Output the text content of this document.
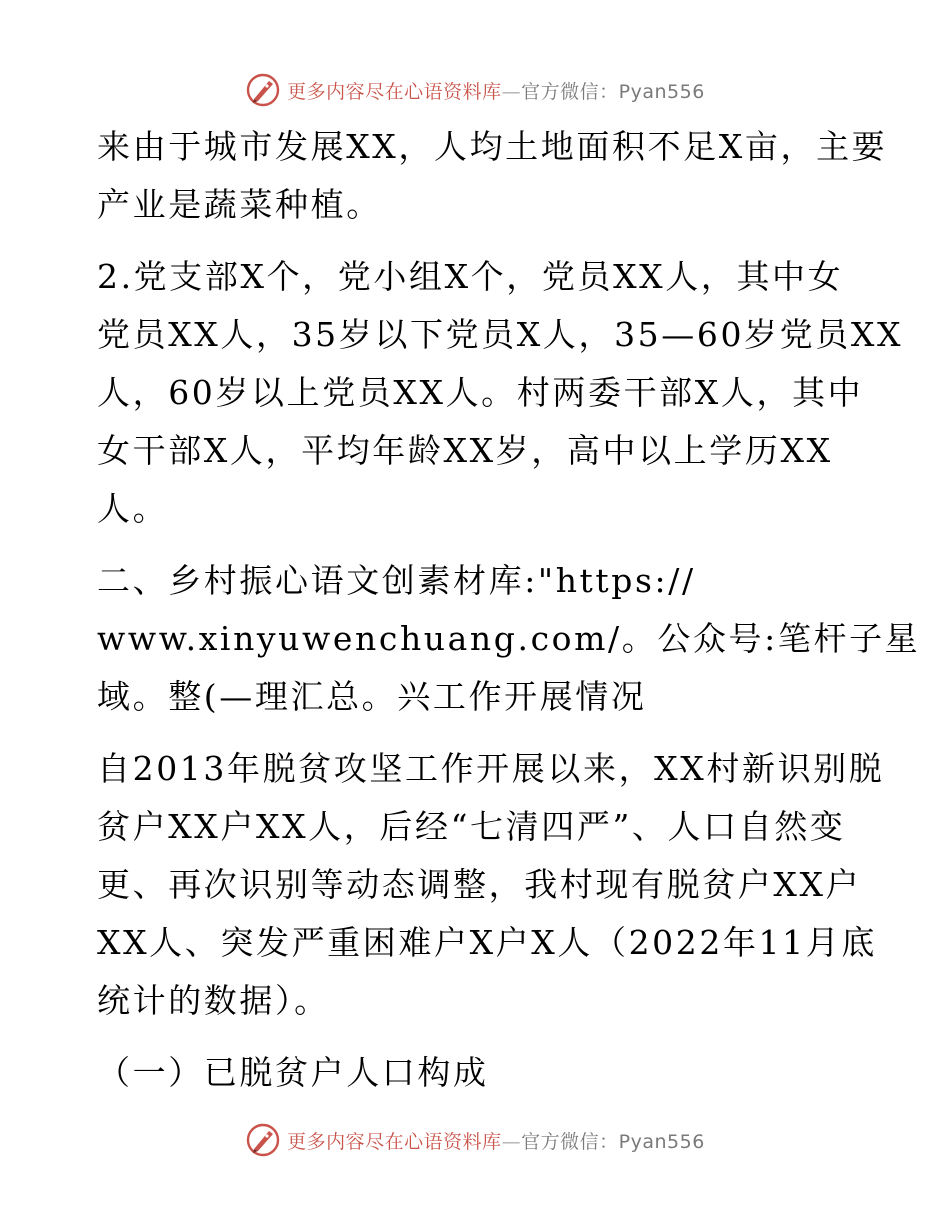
更多内容尽在心语资料库—官方微信：Pyan556
来由于城市发展XX，人均土地面积不足X亩，主要
产业是蔬菜种植。
2.党支部X个，党小组X个，党员XX人，其中女
党员XX人，35岁以下党员X人，35—60岁党员XX
人，60岁以上党员XX人。村两委干部X人，其中
女干部X人，平均年龄XX岁，高中以上学历XX
人。
二、乡村振心语文创素材库:"https://
www.xinyuwenchuang.com/。公众号:笔杆子星
域。整(—理汇总。兴工作开展情况
自2013年脱贫攻坚工作开展以来，XX村新识别脱
贫户XX户XX人，后经“七清四严”、人口自然变
更、再次识别等动态调整，我村现有脱贫户XX户
XX人、突发严重困难户X户X人（2022年11月底
统计的数据）。
（一）已脱贫户人口构成
更多内容尽在心语资料库—官方微信：Pyan556
